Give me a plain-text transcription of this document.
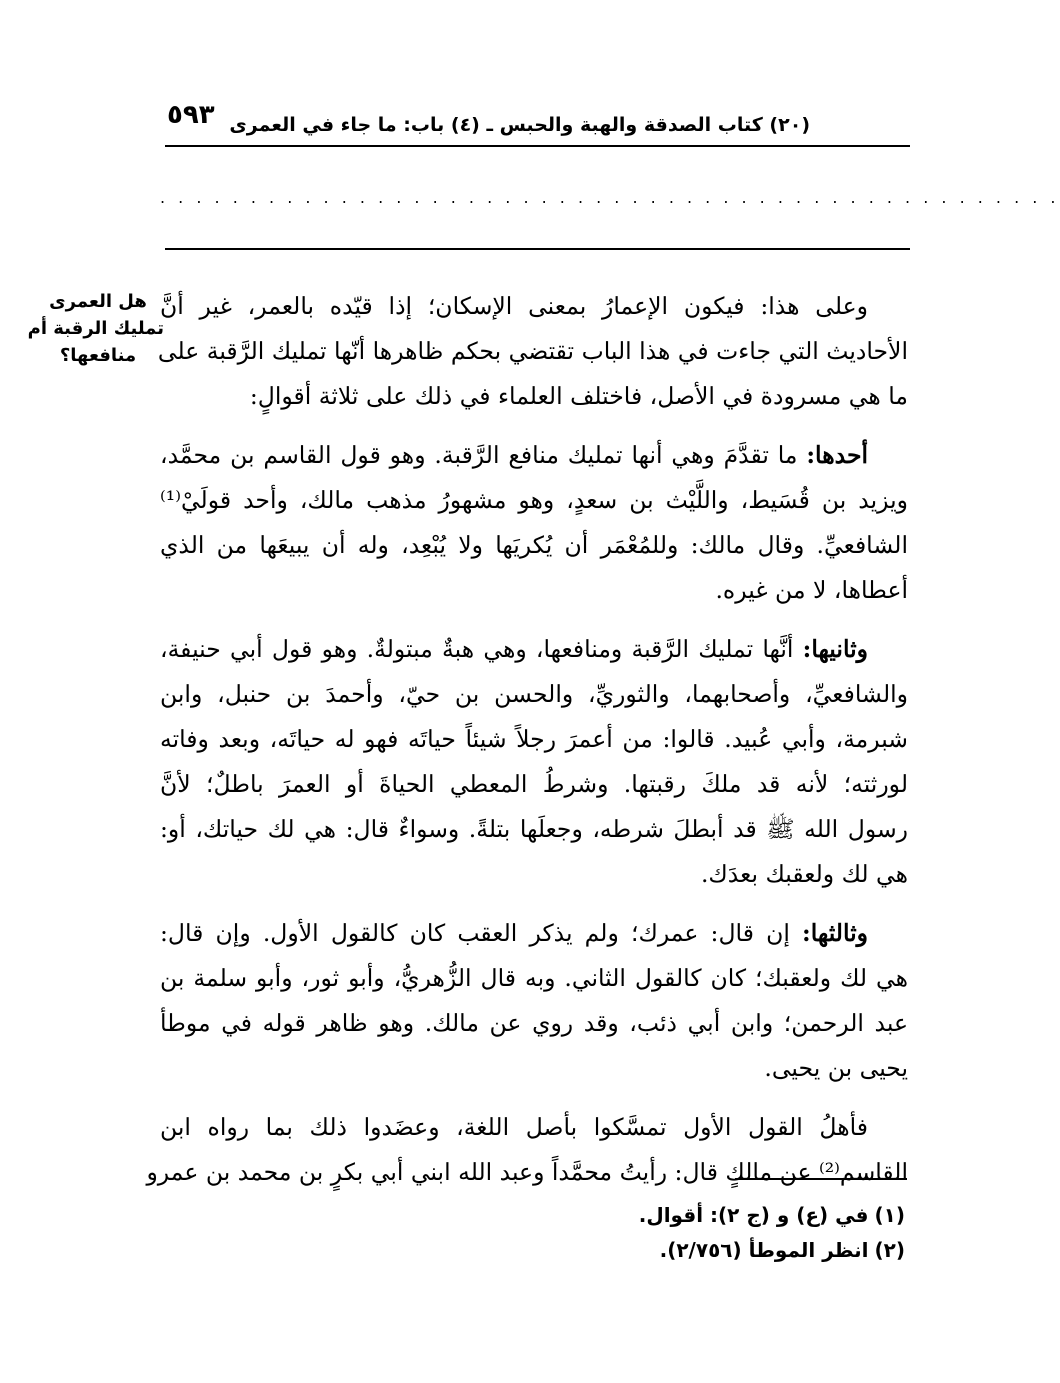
٥٩٣ (٢٠) كتاب الصدقة والهبة والحبس ـ (٤) باب: ما جاء في العمرى
. . . . . . . . . . . . . . . . . . . . . . . . . . . . . . . . . . . . . . . . . . . . . . . . . .
هل العمرى
تمليك الرقبة أم
منافعها؟
وعلى هذا: فيكون الإعمارُ بمعنى الإسكان؛ إذا قيّده بالعمر، غير أنَّ
الأحاديث التي جاءت في هذا الباب تقتضي بحكم ظاهرها أنّها تمليك الرَّقبة على
ما هي مسرودة في الأصل، فاختلف العلماء في ذلك على ثلاثة أقوالٍ:
أحدها: ما تقدَّمَ وهي أنها تمليك منافع الرَّقبة. وهو قول القاسم بن محمَّد،
ويزيد بن قُسَيط، واللَّيْث بن سعدٍ، وهو مشهورُ مذهب مالك، وأحد قولَيْ⁽¹⁾
الشافعيِّ. وقال مالك: وللمُعْمَر أن يُكريَها ولا يُبْعِد، وله أن يبيعَها من الذي
أعطاها، لا من غيره.
وثانيها: أنَّها تمليك الرَّقبة ومنافعها، وهي هبةٌ مبتولةٌ. وهو قول أبي حنيفة،
والشافعيِّ، وأصحابهما، والثوريِّ، والحسن بن حيّ، وأحمدَ بن حنبل، وابن
شبرمة، وأبي عُبيد. قالوا: من أعمرَ رجلاً شيئاً حياتَه فهو له حياتَه، وبعد وفاته
لورثته؛ لأنه قد ملكَ رقبتها. وشرطُ المعطي الحياةَ أو العمرَ باطلٌ؛ لأنَّ
رسول الله ﷺ قد أبطلَ شرطه، وجعلَها بتلةً. وسواءٌ قال: هي لك حياتك، أو:
هي لك ولعقبك بعدَك.
وثالثها: إن قال: عمرك؛ ولم يذكر العقب كان كالقول الأول. وإن قال:
هي لك ولعقبك؛ كان كالقول الثاني. وبه قال الزُّهريُّ، وأبو ثور، وأبو سلمة بن
عبد الرحمن؛ وابن أبي ذئب، وقد روي عن مالك. وهو ظاهر قوله في موطأ
يحيى بن يحيى.
فأهلُ القول الأول تمسَّكوا بأصل اللغة، وعضَدوا ذلك بما رواه ابن
القاسم⁽²⁾ عن مالكٍ قال: رأيتُ محمَّداً وعبد الله ابني أبي بكرٍ بن محمد بن عمرو
(١)في (ع) و (ج ٢): أقوال.
(٢)انظر الموطأ (٢/٧٥٦).
